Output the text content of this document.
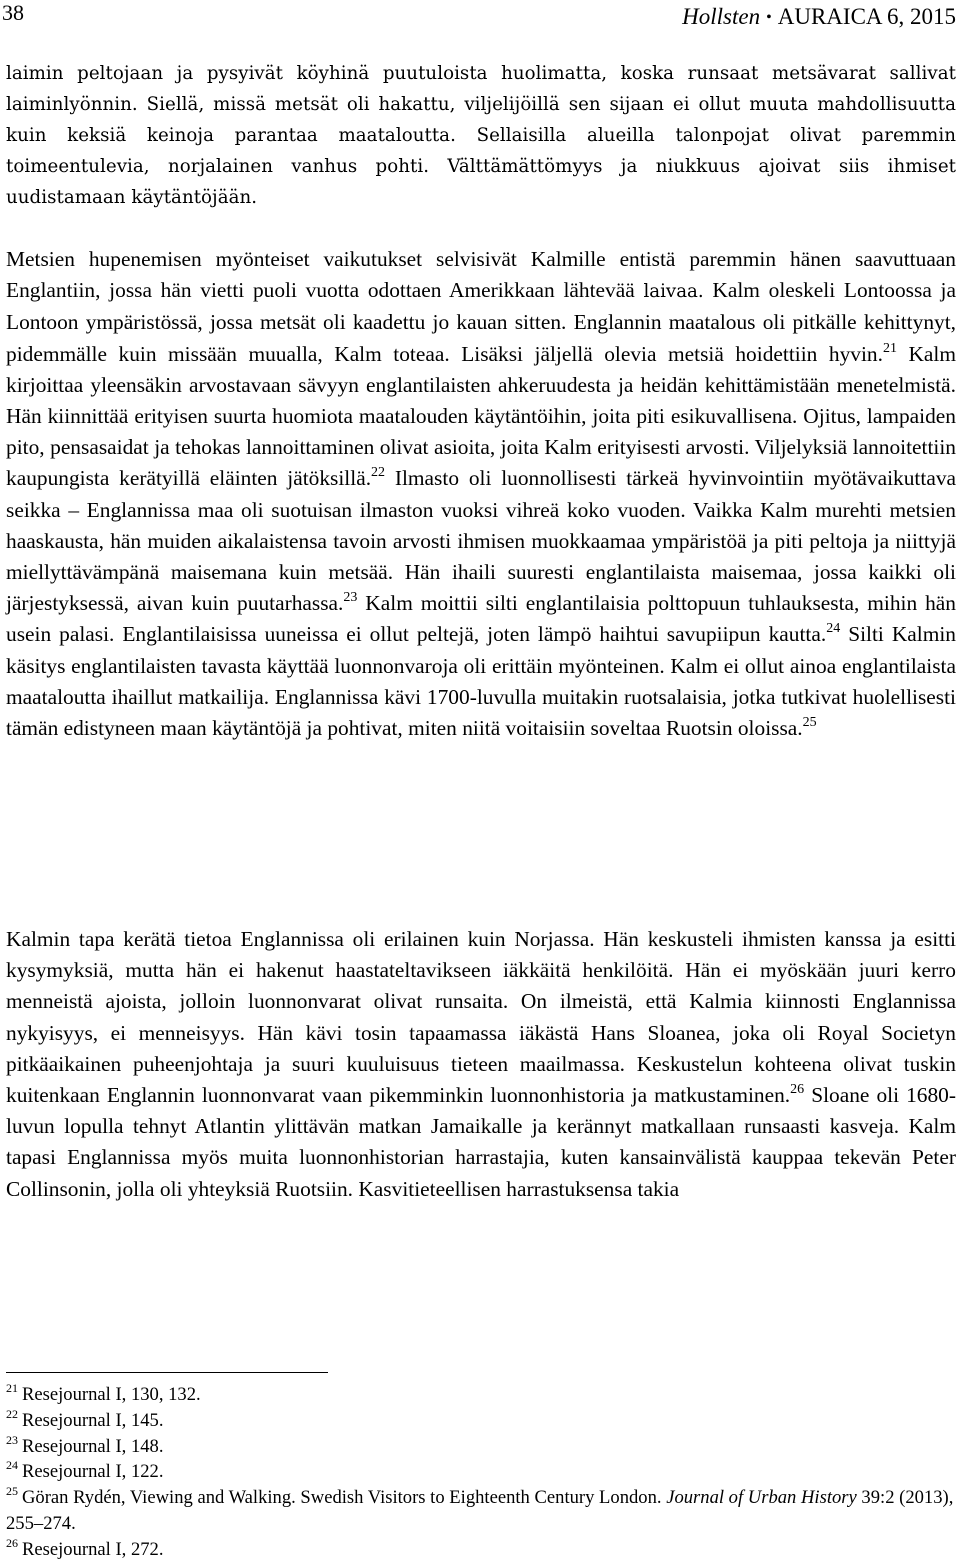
38	Hollsten • AURAICA 6, 2015

laimin peltojaan ja pysyivät köyhinä puutuloista huolimatta, koska runsaat metsävarat sallivat laiminlyönnin. Siellä, missä metsät oli hakattu, viljelijöillä sen sijaan ei ollut muuta mahdollisuutta kuin keksiä keinoja parantaa maataloutta. Sellaisilla alueilla talonpojat olivat paremmin toimeentulevia, norjalainen vanhus pohti. Välttämättömyys ja niukkuus ajoivat siis ihmiset uudistamaan käytäntöjään.

Metsien hupenemisen myönteiset vaikutukset selvisivät Kalmille entistä paremmin hänen saavuttuaan Englantiin, jossa hän vietti puoli vuotta odottaen Amerikkaan lähtevää laivaa. Kalm oleskeli Lontoossa ja Lontoon ympäristössä, jossa metsät oli kaadettu jo kauan sitten. Englannin maatalous oli pitkälle kehittynyt, pidemmälle kuin missään muualla, Kalm toteaa. Lisäksi jäljellä olevia metsiä hoidettiin hyvin.$^{21}$ Kalm kirjoittaa yleensäkin arvostavaan sävyyn englantilaisten ahkeruudesta ja heidän kehittämistään menetelmistä. Hän kiinnittää erityisen suurta huomiota maatalouden käytäntöihin, joita piti esikuvallisena. Ojitus, lampaiden pito, pensasaidat ja tehokas lannoittaminen olivat asioita, joita Kalm erityisesti arvosti. Viljelyksiä lannoitettiin kaupungista kerätyillä eläinten jätöksillä.$^{22}$ Ilmasto oli luonnollisesti tärkeä hyvinvointiin myötävaikuttava seikka – Englannissa maa oli suotuisan ilmaston vuoksi vihreä koko vuoden. Vaikka Kalm murehti metsien haaskausta, hän muiden aikalaistensa tavoin arvosti ihmisen muokkaamaa ympäristöä ja piti peltoja ja niittyjä miellyttävämpänä maisemana kuin metsää. Hän ihaili suuresti englantilaista maisemaa, jossa kaikki oli järjestyksessä, aivan kuin puutarhassa.$^{23}$ Kalm moittii silti englantilaisia polttopuun tuhlauksesta, mihin hän usein palasi. Englantilaisissa uuneissa ei ollut peltejä, joten lämpö haihtui savupiipun kautta.$^{24}$ Silti Kalmin käsitys englantilaisten tavasta käyttää luonnonvaroja oli erittäin myönteinen. Kalm ei ollut ainoa englantilaista maataloutta ihaillut matkailija. Englannissa kävi 1700-luvulla muitakin ruotsalaisia, jotka tutkivat huolellisesti tämän edistyneen maan käytäntöjä ja pohtivat, miten niitä voitaisiin soveltaa Ruotsin oloissa.$^{25}$

Kalmin tapa kerätä tietoa Englannissa oli erilainen kuin Norjassa. Hän keskusteli ihmisten kanssa ja esitti kysymyksiä, mutta hän ei hakenut haastateltavikseen iäkkäitä henkilöitä. Hän ei myöskään juuri kerro menneistä ajoista, jolloin luonnonvarat olivat runsaita. On ilmeistä, että Kalmia kiinnosti Englannissa nykyisyys, ei menneisyys. Hän kävi tosin tapaamassa iäkästä Hans Sloanea, joka oli Royal Societyn pitkäaikainen puheenjohtaja ja suuri kuuluisuus tieteen maailmassa. Keskustelun kohteena olivat tuskin kuitenkaan Englannin luonnonvarat vaan pikemminkin luonnonhistoria ja matkustaminen.$^{26}$ Sloane oli 1680-luvun lopulla tehnyt Atlantin ylittävän matkan Jamaikalle ja kerännyt matkallaan runsaasti kasveja. Kalm tapasi Englannissa myös muita luonnonhistorian harrastajia, kuten kansainvälistä kauppaa tekevän Peter Collinsonin, jolla oli yhteyksiä Ruotsiin. Kasvitieteellisen harrastuksensa takia

$^{21}$ Resejournal I, 130, 132.

$^{22}$ Resejournal I, 145.

$^{23}$ Resejournal I, 148.

$^{24}$ Resejournal I, 122.

$^{25}$ Göran Rydén, Viewing and Walking. Swedish Visitors to Eighteenth Century London. Journal of Urban History 39:2 (2013), 255–274.

$^{26}$ Resejournal I, 272.
